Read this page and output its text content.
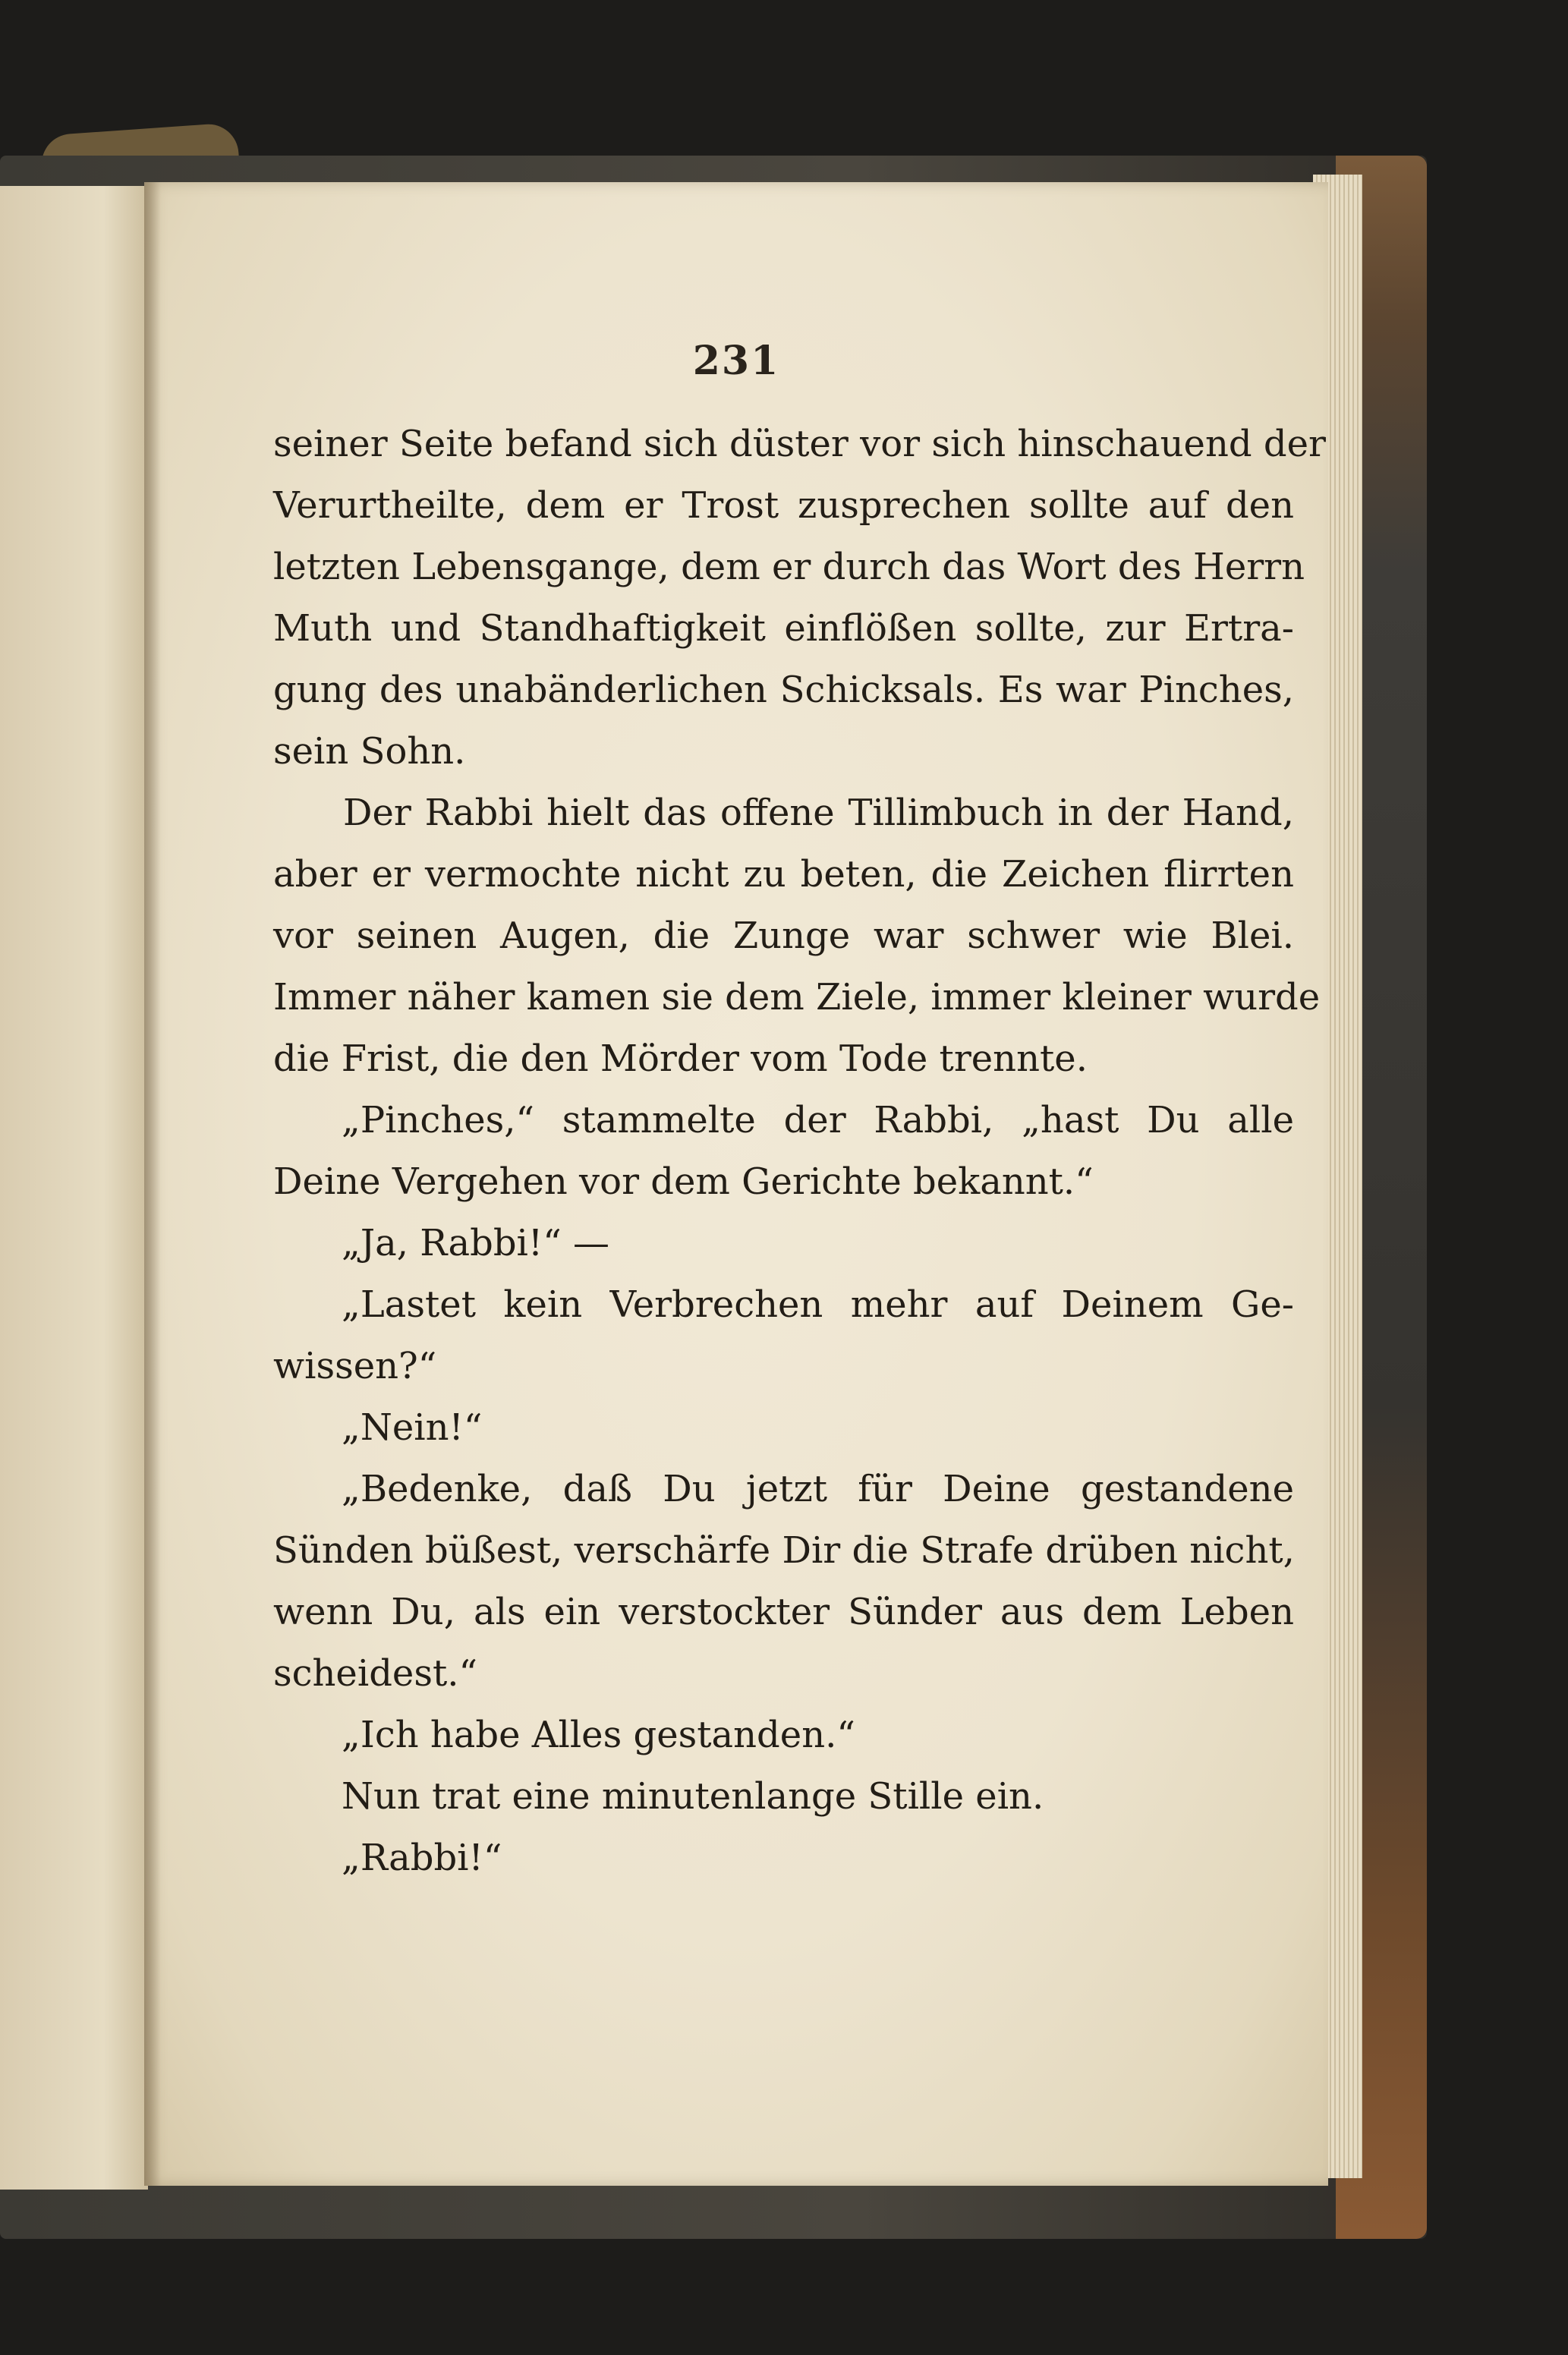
231
seiner Seite befand sich düster vor sich hinschauend der
Verurtheilte, dem er Trost zusprechen sollte auf den
letzten Lebensgange, dem er durch das Wort des Herrn
Muth und Standhaftigkeit einflößen sollte, zur Ertra-
gung des unabänderlichen Schicksals. Es war Pinches,
sein Sohn.
Der Rabbi hielt das offene Tillimbuch in der Hand,
aber er vermochte nicht zu beten, die Zeichen flirrten
vor seinen Augen, die Zunge war schwer wie Blei.
Immer näher kamen sie dem Ziele, immer kleiner wurde
die Frist, die den Mörder vom Tode trennte.
„Pinches,“ stammelte der Rabbi, „hast Du alle
Deine Vergehen vor dem Gerichte bekannt.“
„Ja, Rabbi!“ —
„Lastet kein Verbrechen mehr auf Deinem Ge-
wissen?“
„Nein!“
„Bedenke, daß Du jetzt für Deine gestandene
Sünden büßest, verschärfe Dir die Strafe drüben nicht,
wenn Du, als ein verstockter Sünder aus dem Leben
scheidest.“
„Ich habe Alles gestanden.“
Nun trat eine minutenlange Stille ein.
„Rabbi!“
